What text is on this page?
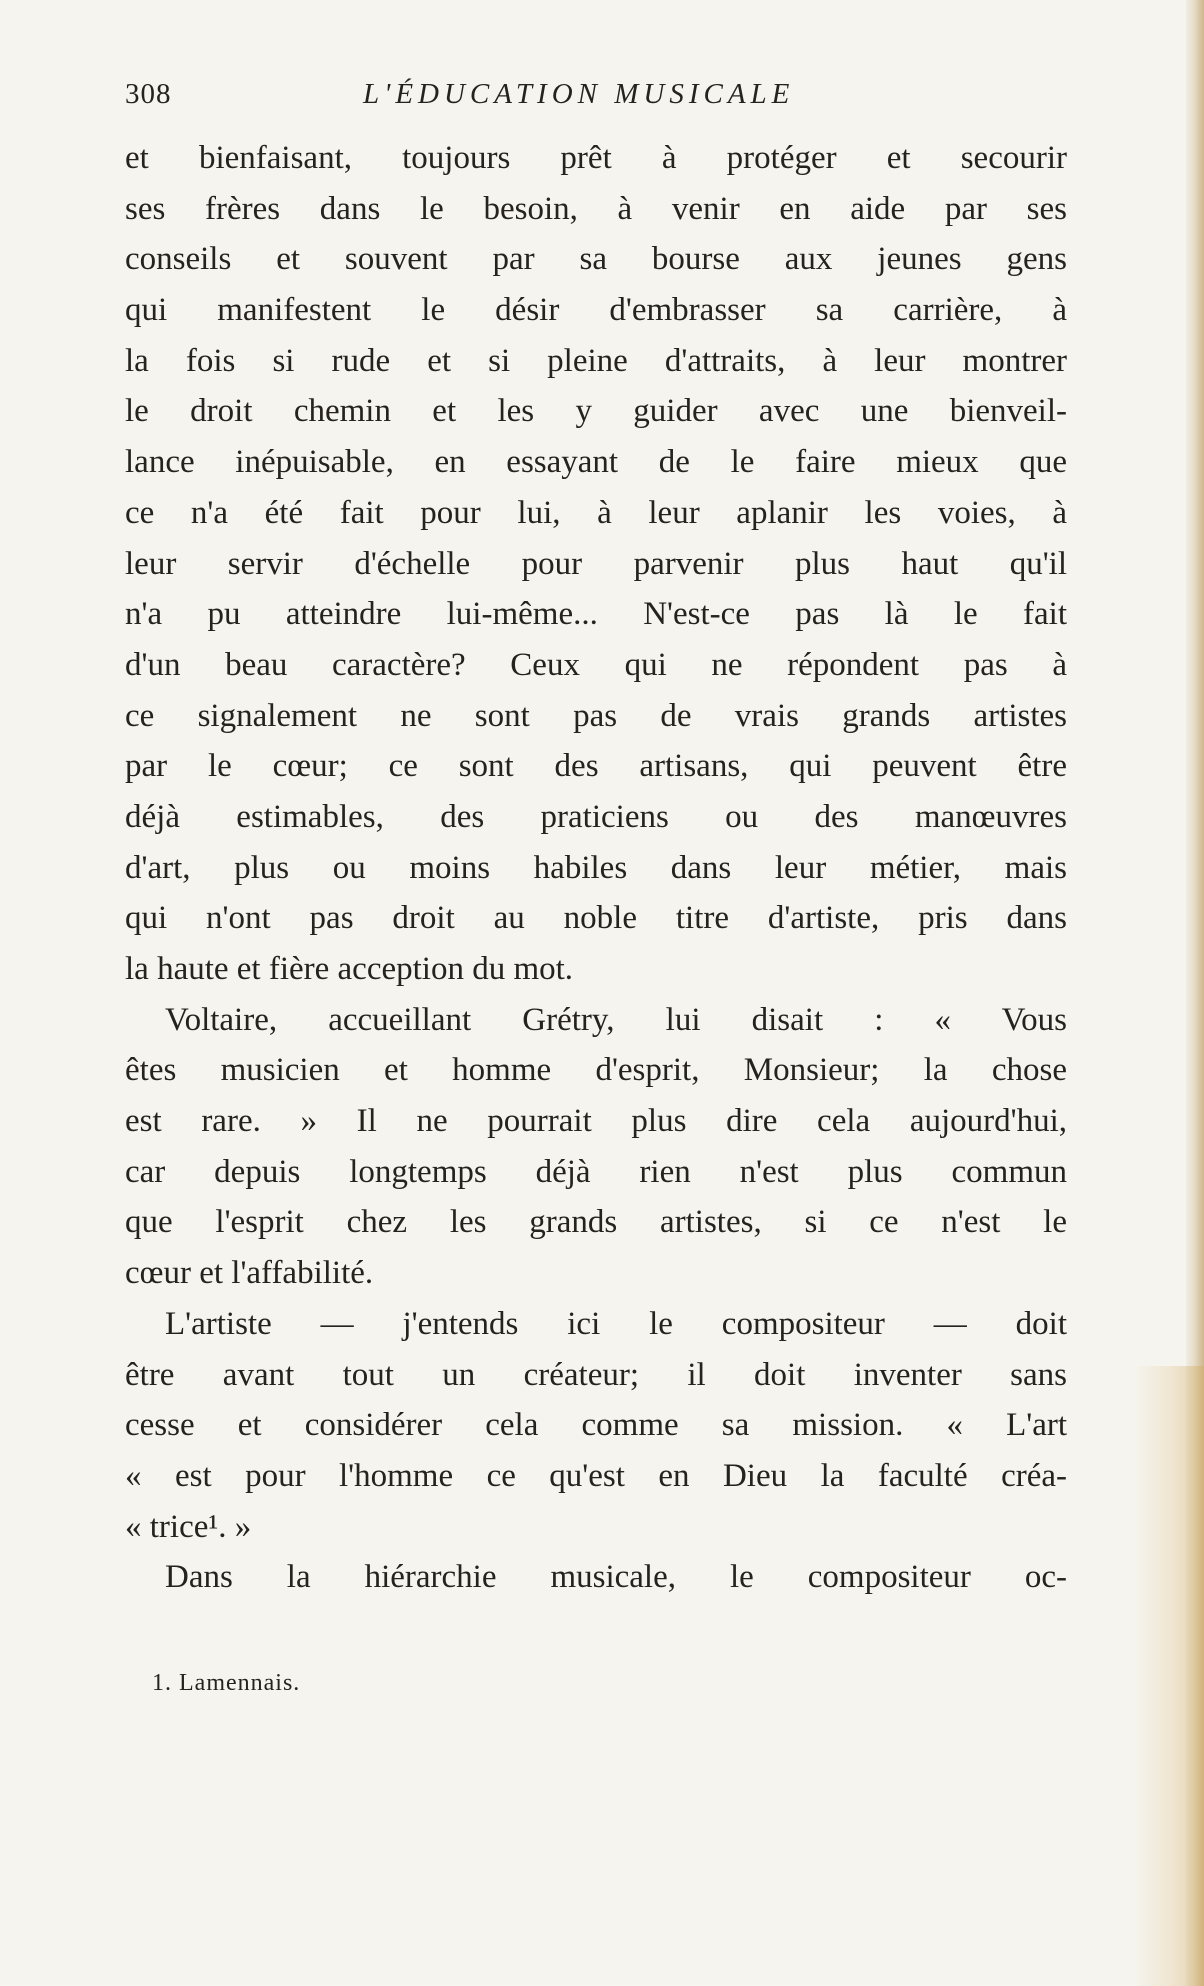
308	L'ÉDUCATION MUSICALE
et bienfaisant, toujours prêt à protéger et secourir
ses frères dans le besoin, à venir en aide par ses
conseils et souvent par sa bourse aux jeunes gens
qui manifestent le désir d'embrasser sa carrière, à
la fois si rude et si pleine d'attraits, à leur montrer
le droit chemin et les y guider avec une bienveil-
lance inépuisable, en essayant de le faire mieux que
ce n'a été fait pour lui, à leur aplanir les voies, à
leur servir d'échelle pour parvenir plus haut qu'il
n'a pu atteindre lui-même... N'est-ce pas là le fait
d'un beau caractère? Ceux qui ne répondent pas à
ce signalement ne sont pas de vrais grands artistes
par le cœur; ce sont des artisans, qui peuvent être
déjà estimables, des praticiens ou des manœuvres
d'art, plus ou moins habiles dans leur métier, mais
qui n'ont pas droit au noble titre d'artiste, pris dans
la haute et fière acception du mot.
Voltaire, accueillant Grétry, lui disait : « Vous
êtes musicien et homme d'esprit, Monsieur; la chose
est rare. » Il ne pourrait plus dire cela aujourd'hui,
car depuis longtemps déjà rien n'est plus commun
que l'esprit chez les grands artistes, si ce n'est le
cœur et l'affabilité.
L'artiste — j'entends ici le compositeur — doit
être avant tout un créateur; il doit inventer sans
cesse et considérer cela comme sa mission. « L'art
« est pour l'homme ce qu'est en Dieu la faculté créa-
« trice¹. »
Dans la hiérarchie musicale, le compositeur oc-
1. Lamennais.
